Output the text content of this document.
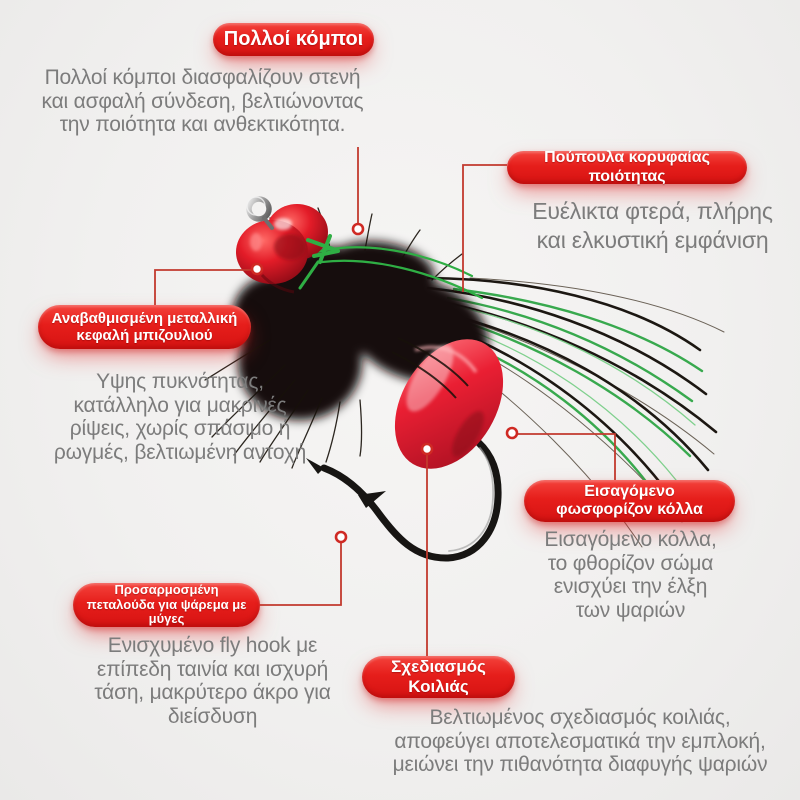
Πολλοί κόμποι
Πούπουλα κορυφαίας ποιότητας
Αναβαθμισμένη μεταλλική
κεφαλή μπιζουλιού
Εισαγόμενο
φωσφορίζον κόλλα
Προσαρμοσμένη
πεταλούδα για ψάρεμα με
μύγες
Σχεδιασμός
Κοιλιάς
Πολλοί κόμποι διασφαλίζουν στενή
και ασφαλή σύνδεση, βελτιώνοντας
την ποιότητα και ανθεκτικότητα.
Ευέλικτα φτερά, πλήρης
και ελκυστική εμφάνιση
Υψης πυκνότητας,
κατάλληλο για μακρινές
ρίψεις, χωρίς σπάσιμο ή
ρωγμές, βελτιωμένη αντοχή
Εισαγόμενο κόλλα,
το φθορίζον σώμα
ενισχύει την έλξη
των ψαριών
Ενισχυμένο fly hook με
επίπεδη ταινία και ισχυρή
τάση, μακρύτερο άκρο για
διείσδυση	Βελτιωμένος σχεδιασμός κοιλιάς,
αποφεύγει αποτελεσματικά την εμπλοκή,
μειώνει την πιθανότητα διαφυγής ψαριών
